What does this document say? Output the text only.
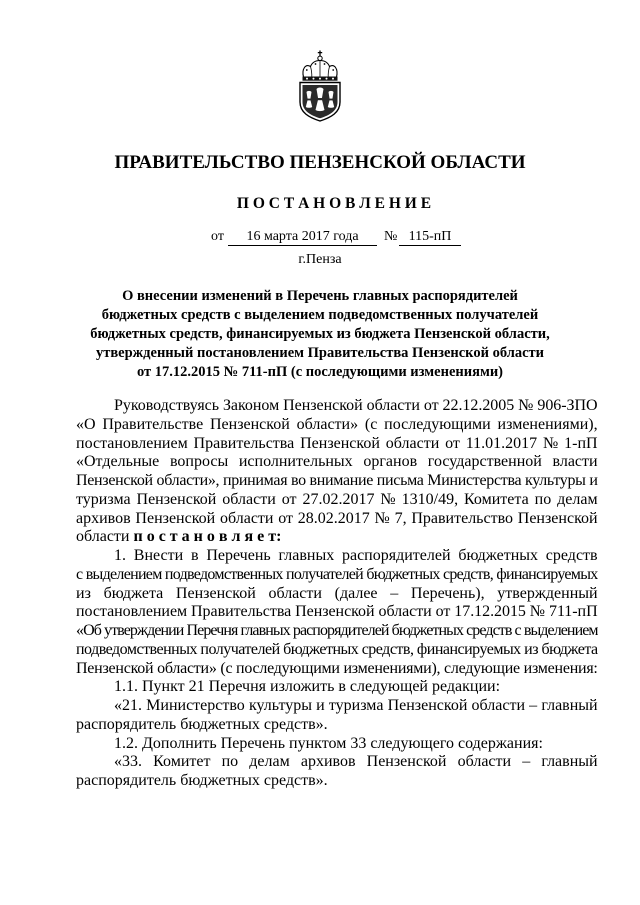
ПРАВИТЕЛЬСТВО ПЕНЗЕНСКОЙ ОБЛАСТИ
П О С Т А Н О В Л Е Н И Е
от	16 марта 2017 года	№ 115-пП
г.Пенза
О внесении изменений в Перечень главных распорядителей
бюджетных средств с выделением подведомственных получателей
бюджетных средств, финансируемых из бюджета Пензенской области,
утвержденный постановлением Правительства Пензенской области
от 17.12.2015 № 711-пП (с последующими изменениями)
Руководствуясь Законом Пензенской области от 22.12.2005 № 906-ЗПО
«О Правительстве Пензенской области» (с последующими изменениями),
постановлением Правительства Пензенской области от 11.01.2017 № 1-пП
«Отдельные вопросы исполнительных органов государственной власти
Пензенской области», принимая во внимание письма Министерства культуры и
туризма Пензенской области от 27.02.2017 № 1310/49, Комитета по делам
архивов Пензенской области от 28.02.2017 № 7, Правительство Пензенской
области п о с т а н о в л я е т:
1. Внести в Перечень главных распорядителей бюджетных средств
с выделением подведомственных получателей бюджетных средств, финансируемых
из бюджета Пензенской области (далее – Перечень), утвержденный
постановлением Правительства Пензенской области от 17.12.2015 № 711-пП
«Об утверждении Перечня главных распорядителей бюджетных средств с выделением
подведомственных получателей бюджетных средств, финансируемых из бюджета
Пензенской области» (с последующими изменениями), следующие изменения:
1.1. Пункт 21 Перечня изложить в следующей редакции:
«21. Министерство культуры и туризма Пензенской области – главный
распорядитель бюджетных средств».
1.2. Дополнить Перечень пунктом 33 следующего содержания:
«33. Комитет по делам архивов Пензенской области – главный
распорядитель бюджетных средств».
